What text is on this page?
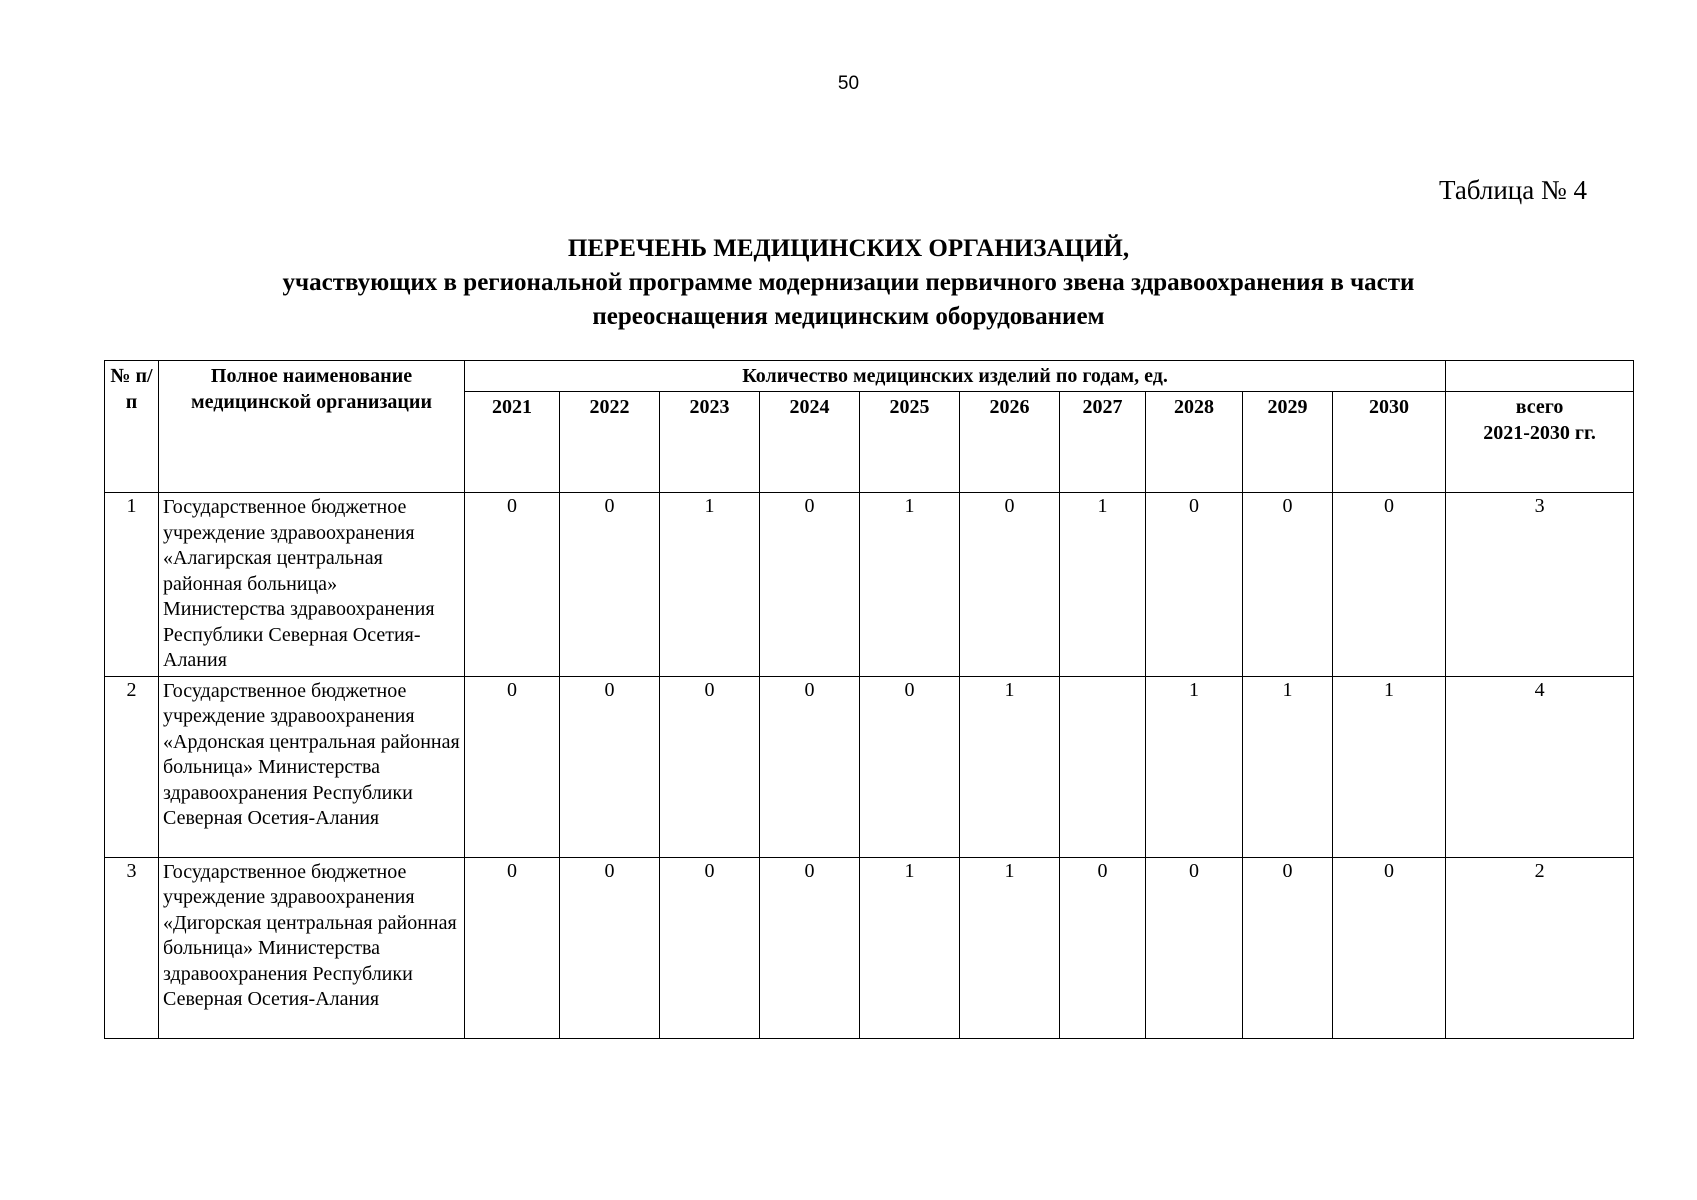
50
Таблица № 4
ПЕРЕЧЕНЬ МЕДИЦИНСКИХ ОРГАНИЗАЦИЙ,
участвующих в региональной программе модернизации первичного звена здравоохранения в части
переоснащения медицинским оборудованием
№ п/п	Полное наименование медицинской организации	Количество медицинских изделий по годам, ед.										
		2021	2022	2023	2024	2025	2026	2027	2028	2029	2030	всего
2021-2030 гг.

1	Государственное бюджетное учреждение здравоохранения «Алагирская центральная районная больница» Министерства здравоохранения Республики Северная Осетия-Алания	0	0	1	0	1	0	1	0	0	0	3
2	Государственное бюджетное учреждение здравоохранения «Ардонская центральная районная больница» Министерства здравоохранения Республики Северная Осетия-Алания	0	0	0	0	0	1		1	1	1	4
3	Государственное бюджетное учреждение здравоохранения «Дигорская центральная районная больница» Министерства здравоохранения Республики Северная Осетия-Алания	0	0	0	0	1	1	0	0	0	0	2
